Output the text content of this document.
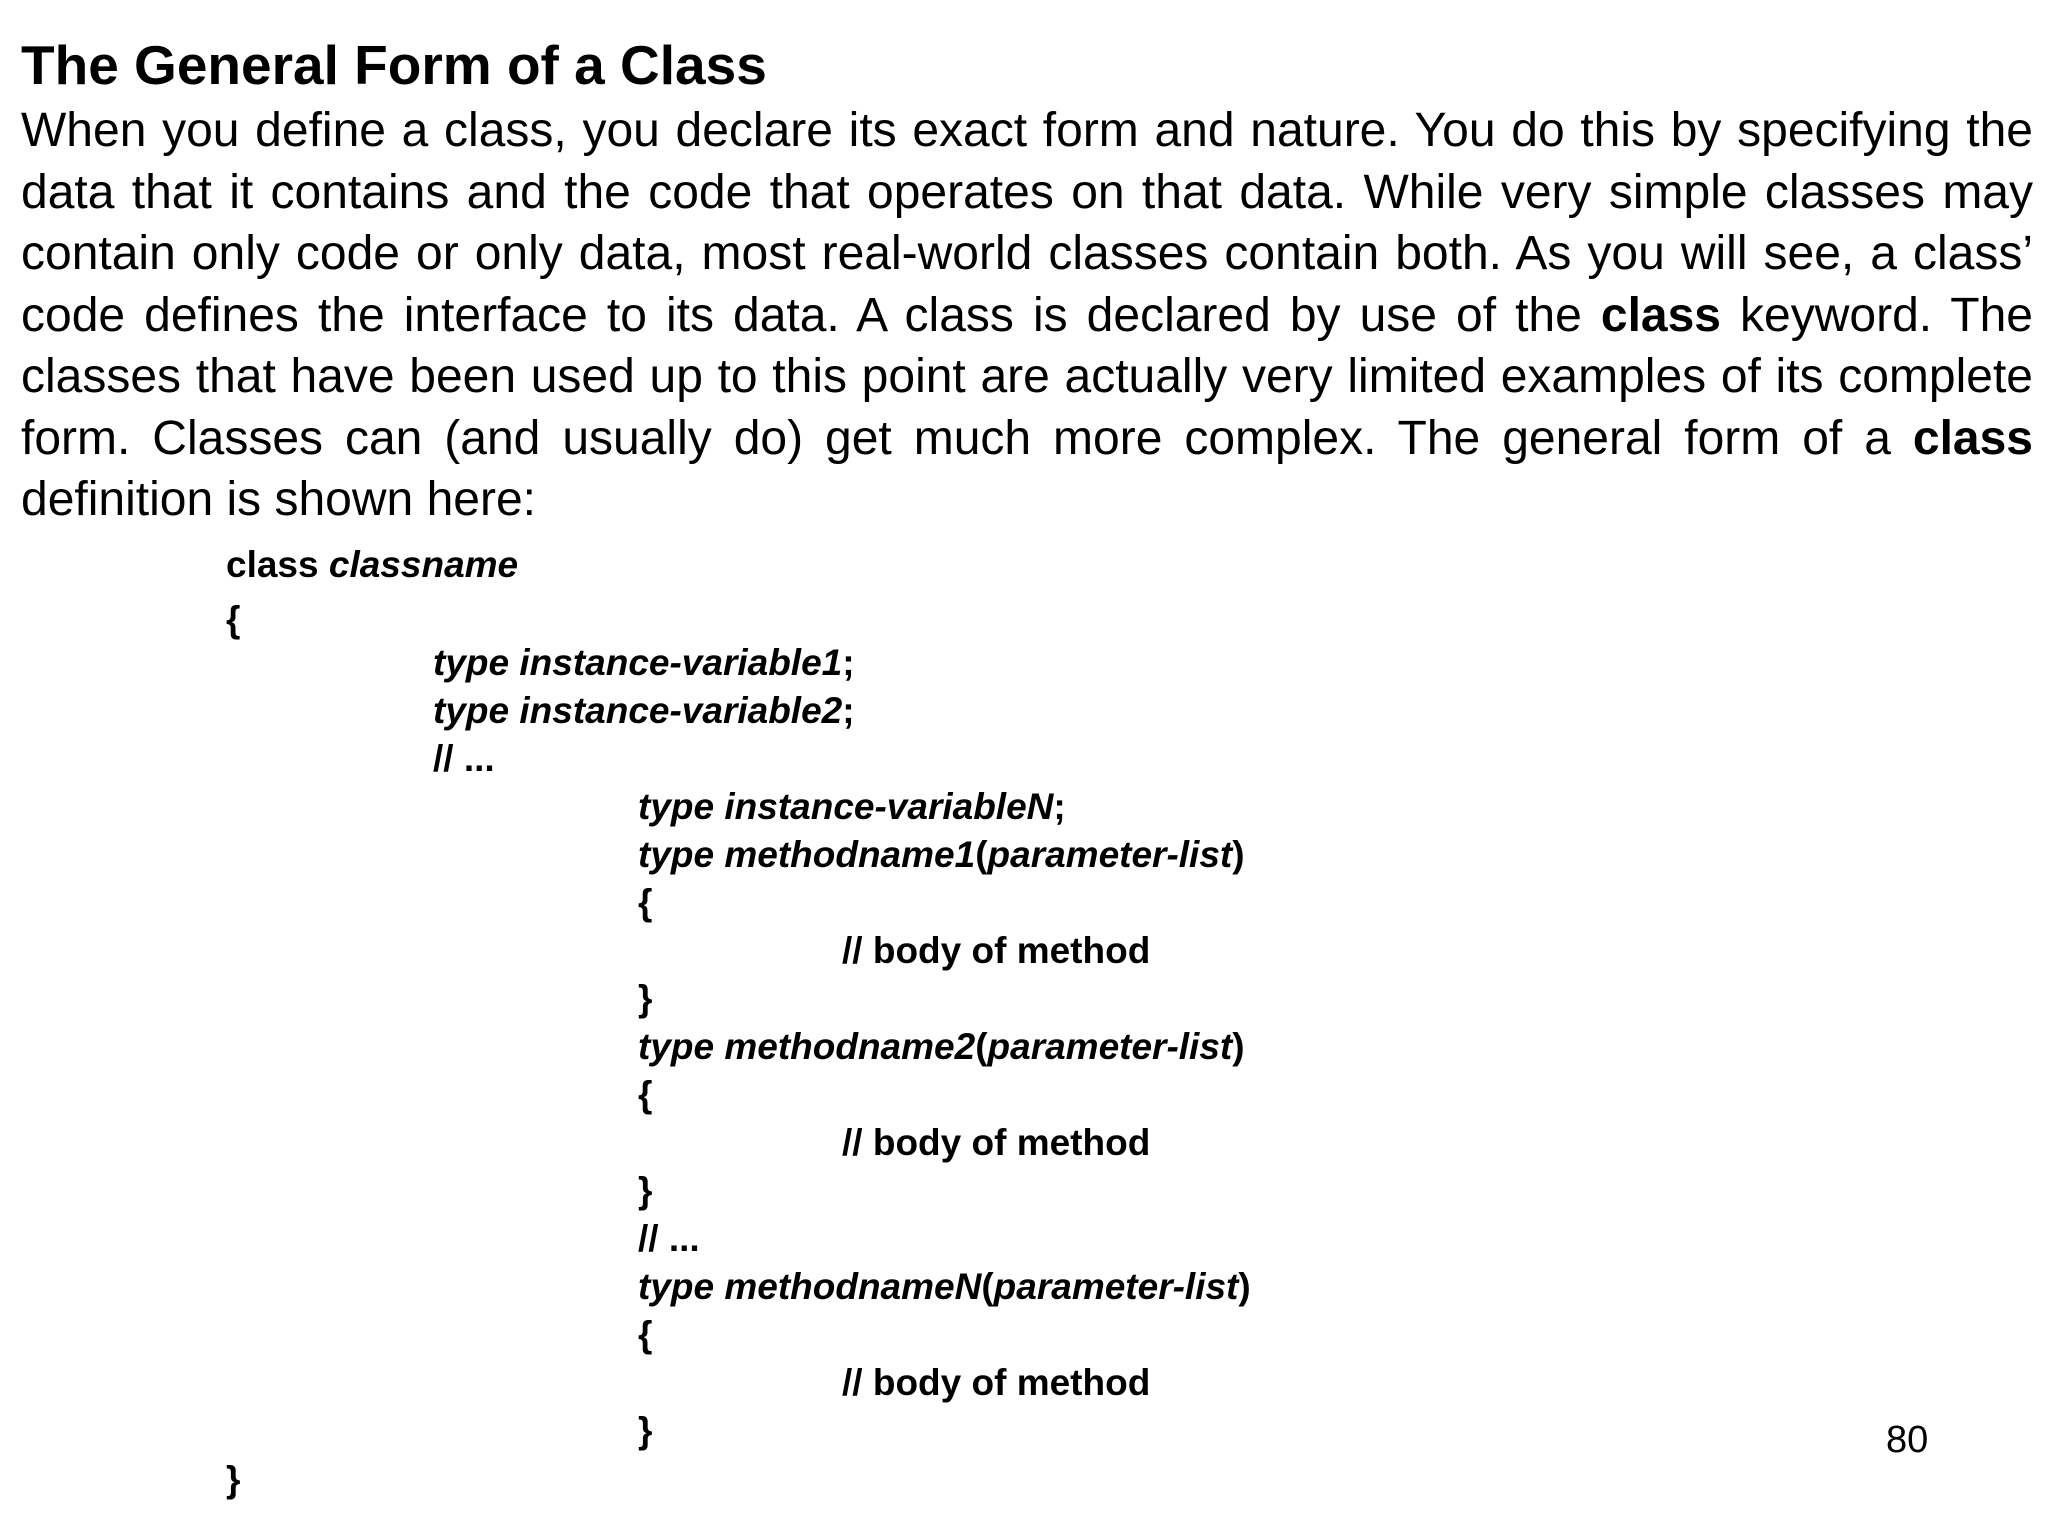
The General Form of a Class
When you define a class, you declare its exact form and nature. You do this by specifying the data that it contains and the code that operates on that data. While very simple classes may contain only code or only data, most real-world classes contain both. As you will see, a class’ code defines the interface to its data. A class is declared by use of the class keyword. The classes that have been used up to this point are actually very limited examples of its complete form. Classes can (and usually do) get much more complex. The general form of a class definition is shown here:
class classname
{
type instance-variable1;
type instance-variable2;
// ...
type instance-variableN;
type methodname1(parameter-list)
{
// body of method
}
type methodname2(parameter-list)
{
// body of method
}
// ...
type methodnameN(parameter-list)
{
// body of method
}
}
80
